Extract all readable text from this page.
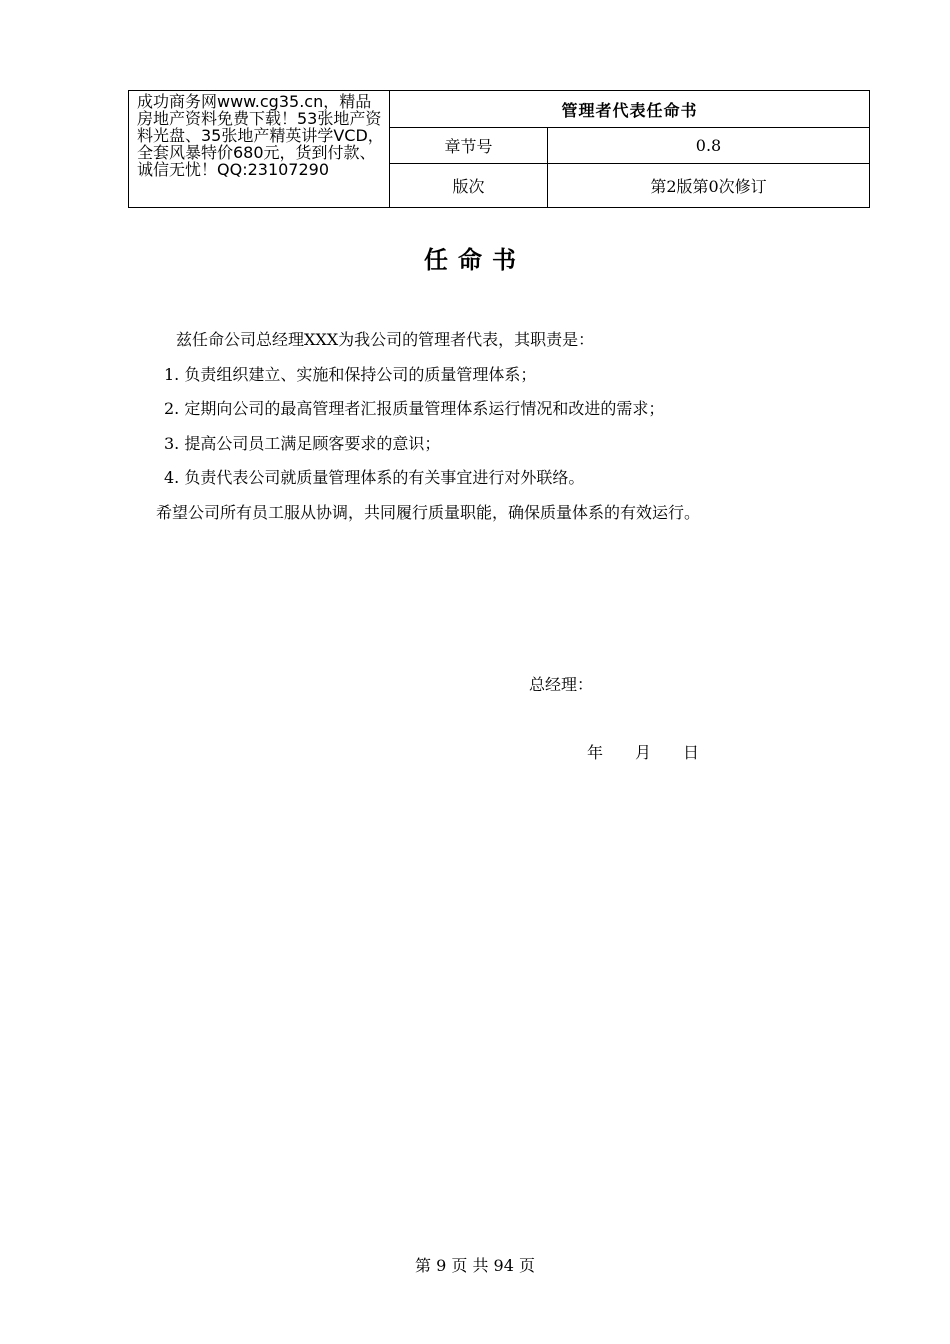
成功商务网www.cg35.cn，精品房地产资料免费下载！53张地产资料光盘、35张地产精英讲学VCD，全套风暴特价680元，货到付款、诚信无忧！QQ:23107290	管理者代表任命书	
	章节号	0.8
	版次	第2版第0次修订
任命书
兹任命公司总经理XXX为我公司的管理者代表，其职责是：
1. 负责组织建立、实施和保持公司的质量管理体系；
2. 定期向公司的最高管理者汇报质量管理体系运行情况和改进的需求；
3. 提高公司员工满足顾客要求的意识；
4. 负责代表公司就质量管理体系的有关事宜进行对外联络。
希望公司所有员工服从协调，共同履行质量职能，确保质量体系的有效运行。
总经理：
年 月 日
第 9 页 共 94 页
